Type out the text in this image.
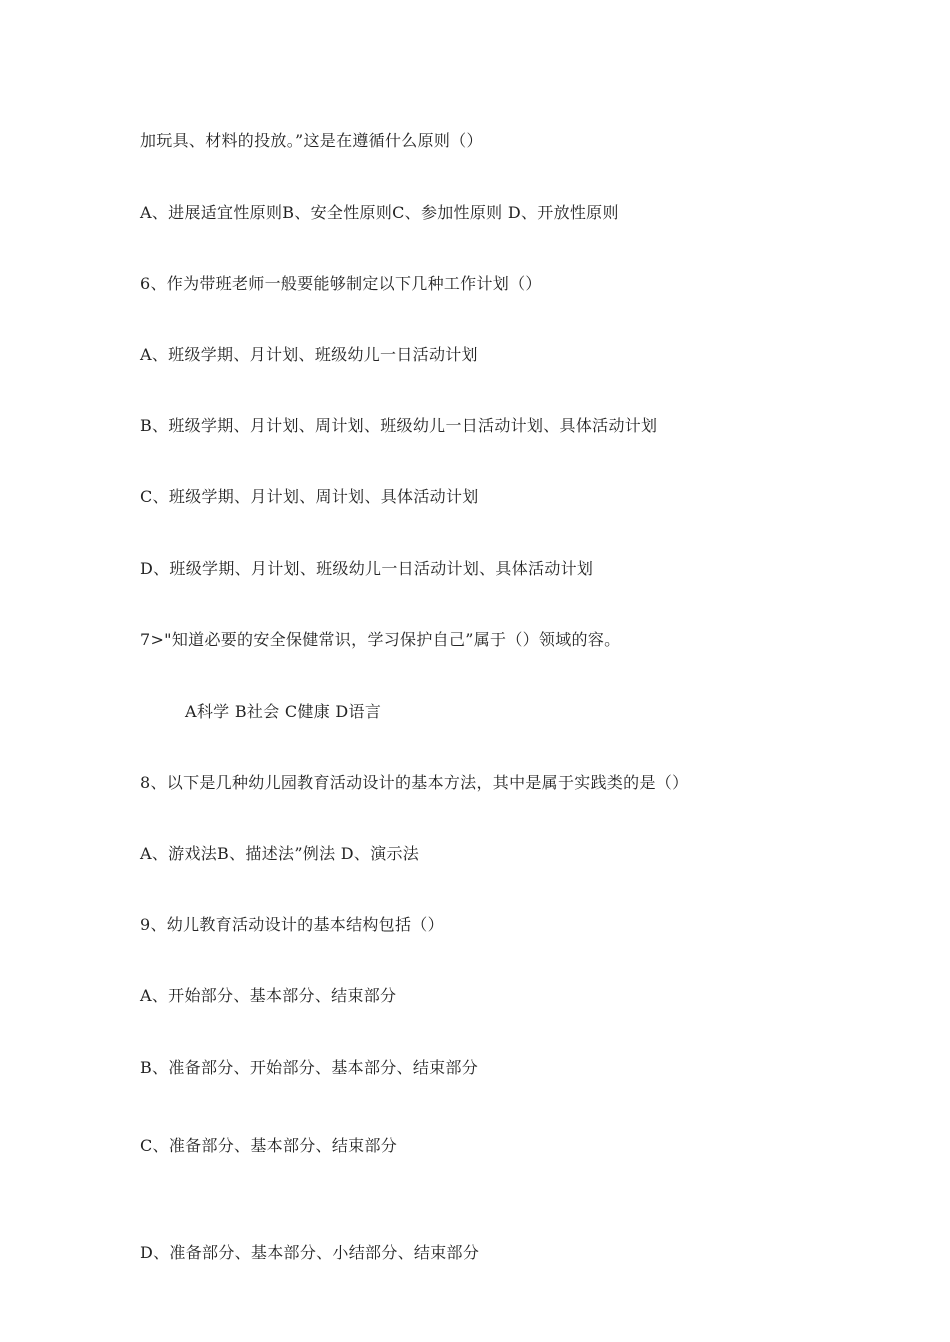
加玩具、材料的投放。”这是在遵循什么原则（）
A、进展适宜性原则B、安全性原则C、参加性原则 D、开放性原则
6、作为带班老师一般要能够制定以下几种工作计划（）
A、班级学期、月计划、班级幼儿一日活动计划
B、班级学期、月计划、周计划、班级幼儿一日活动计划、具体活动计划
C、班级学期、月计划、周计划、具体活动计划
D、班级学期、月计划、班级幼儿一日活动计划、具体活动计划
7>"知道必要的安全保健常识，学习保护自己”属于（）领域的容。
A科学 B社会 C健康 D语言
8、以下是几种幼儿园教育活动设计的基本方法，其中是属于实践类的是（）
A、游戏法B、描述法”例法 D、演示法
9、幼儿教育活动设计的基本结构包括（）
A、开始部分、基本部分、结束部分
B、准备部分、开始部分、基本部分、结束部分
C、准备部分、基本部分、结束部分
D、准备部分、基本部分、小结部分、结束部分
